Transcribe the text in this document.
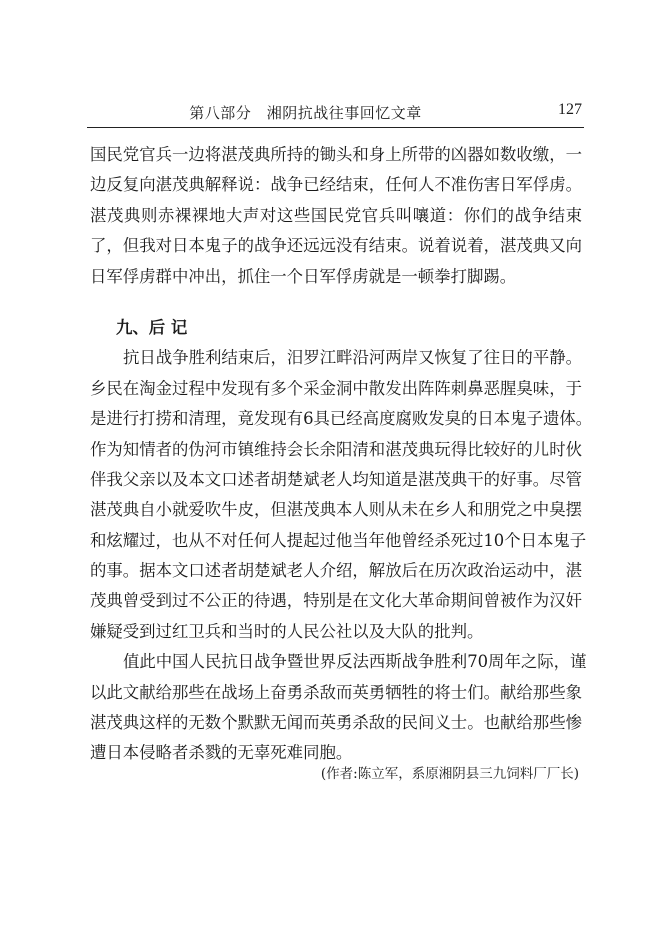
第八部分　湘阴抗战往事回忆文章	127
国民党官兵一边将湛茂典所持的锄头和身上所带的凶器如数收缴，一
边反复向湛茂典解释说：战争已经结束，任何人不准伤害日军俘虏。
湛茂典则赤裸裸地大声对这些国民党官兵叫嚷道：你们的战争结束
了，但我对日本鬼子的战争还远远没有结束。说着说着，湛茂典又向
日军俘虏群中冲出，抓住一个日军俘虏就是一顿拳打脚踢。
九、后 记
抗日战争胜利结束后，汨罗江畔沿河两岸又恢复了往日的平静。
乡民在淘金过程中发现有多个采金洞中散发出阵阵刺鼻恶腥臭味，于
是进行打捞和清理，竟发现有6具已经高度腐败发臭的日本鬼子遗体。
作为知情者的伪河市镇维持会长余阳清和湛茂典玩得比较好的儿时伙
伴我父亲以及本文口述者胡楚斌老人均知道是湛茂典干的好事。尽管
湛茂典自小就爱吹牛皮，但湛茂典本人则从未在乡人和朋党之中臭摆
和炫耀过，也从不对任何人提起过他当年他曾经杀死过10个日本鬼子
的事。据本文口述者胡楚斌老人介绍，解放后在历次政治运动中，湛
茂典曾受到过不公正的待遇，特别是在文化大革命期间曾被作为汉奸
嫌疑受到过红卫兵和当时的人民公社以及大队的批判。
值此中国人民抗日战争暨世界反法西斯战争胜利70周年之际，谨
以此文献给那些在战场上奋勇杀敌而英勇牺牲的将士们。献给那些象
湛茂典这样的无数个默默无闻而英勇杀敌的民间义士。也献给那些惨
遭日本侵略者杀戮的无辜死难同胞。
(作者:陈立军，系原湘阴县三九饲料厂厂长)
